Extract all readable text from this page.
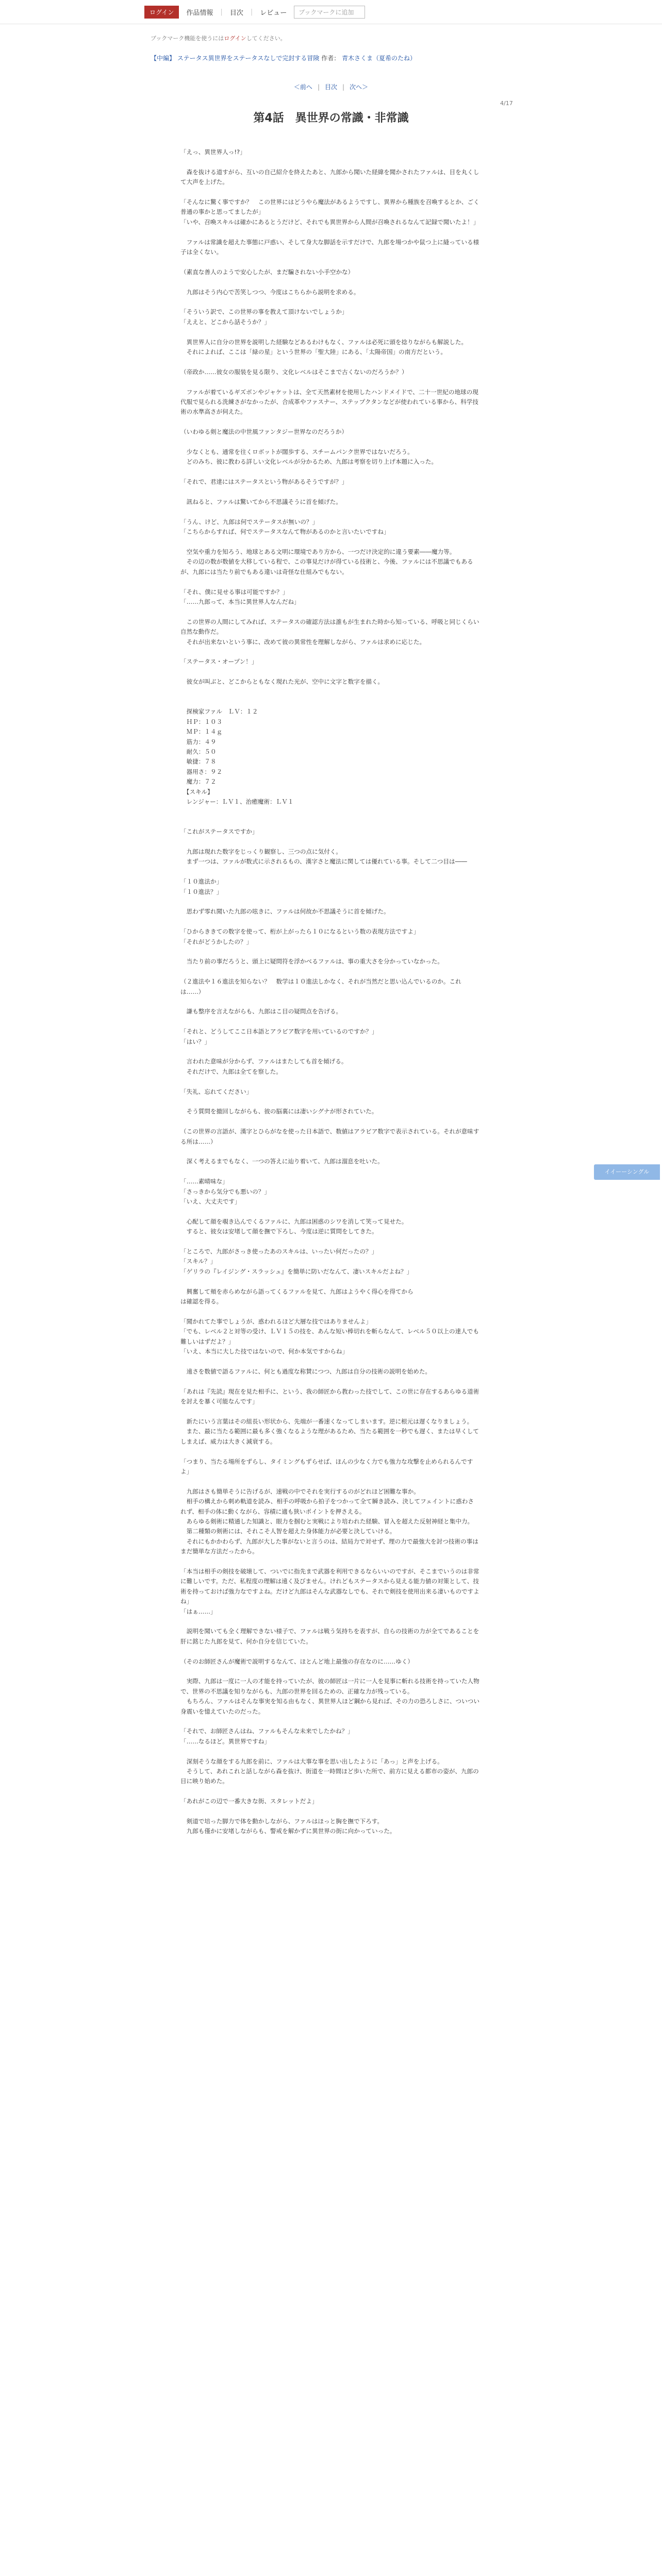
ログイン	作品情報 | 目次 | レビュー	ブックマークに追加
ブックマーク機能を使うにはログインしてください。
【中編】 ステータス異世界をステータスなしで完封する冒険 作者： 青木さくま（夏希のたね）
＜前へ | 目次 | 次へ＞
4/17
第4話　異世界の常識・非常識

「えっ、異世界人っ!?」

　森を抜ける道すがら、互いの自己紹介を終えたあと、九郎から聞いた経緯を聞かされたファルは、目を丸くして大声を上げた。

「そんなに驚く事ですか？　この世界にはどうやら魔法があるようですし、異界から種族を召喚するとか、ごく普通の事かと思ってましたが」

「いや、召喚スキルは確かにあるとうだけど、それでも異世界から人間が召喚されるなんて記録で聞いたよ！」

　ファルは常識を超えた事態に戸惑い、そして身大な脚話を示すだけで、九郎を場つかや鼠つ上に縫っている様子は全くない。

（素直な善人のようで安心したが、まだ騙されない小手空かな）

　九郎はそう内心で苦笑しつつ、今度はこちらから説明を求める。

「そういう訳で、この世界の事を教えて頂けないでしょうか」

「ええと、どこから話そうか？」

　異世界人に自分の世界を説明した経験などあるわけもなく、ファルは必死に頭を捻りながらも解説した。

　それによれば、ここは「緑の星」という世界の「聖大陸」にある、「太陽帝国」の南方だという。

（帝政か……彼女の服装を見る限り、文化レベルはそこまで古くないのだろうか？）

　ファルが着ているギズボンやジャケットは、全て天然素材を使用したハンドメイドで、二十一世紀の地球の現代服で見られる洗練さがなかったが、合成革やファスナー、ステップクタンなどが使われている事から、科学技術の水準高さが伺えた。

（いわゆる剣と魔法の中世風ファンタジー世界なのだろうか）

　少なくとも、通常を往くロボットが闊歩する、スチームパンク世界ではないだろう。

　どのみち、彼に教わる詳しい文化レベルが分かるため、九郎は考察を切り上げ本題に入った。

「それで、君達にはステータスという物があるそうですが？」

　訊ねると、ファルは驚いてから不思議そうに首を傾げた。

「うん、けど、九郎は何でステータスが無いの？」

「こちらからすれば、何でステータスなんて物があるのかと言いたいですね」

　空気や重力を知ろう、地球とある文明に環境であり方から、一つだけ決定的に違う要素――魔力等。

　その辺の数が数値を大移している程で、この事見だけが得ている技術と、今後、ファルには不思議でもあるが、九郎には当たり前でもある違いは奇怪な仕組みでもない。

「それ、僕に見せる事は可能ですか？」

「……九郎って、本当に異世界人なんだね」

　この世界の人間にしてみれば、ステータスの確認方法は誰もが生まれた時から知っている、呼吸と同じくらい自然な動作だ。

　それが出来ないという事に、改めて彼の異常性を理解しながら、ファルは求めに応じた。

「ステータス・オープン！」

　彼女が叫ぶと、どこからともなく現れた光が、空中に文字と数字を描く。

　探検家ファル　ＬＶ：１２

　ＨＰ：１０３

　ＭＰ：１４ｇ

　筋力：４９

　耐久：５０

　敏捷：７８

　器用さ：９２

　魔力：７２

　【スキル】

　レンジャー：ＬＶ１、治癒魔術：ＬＶ１

「これがステータスですか」

　九郎は現れた数字をじっくり観察し、三つの点に気付く。

　まず一つは、ファルが数式に示されるもの、漢字さと魔法に関しては優れている事。そして二つ目は――

「１０進法か」

「１０進法？」

　思わず零れ聞いた九郎の呟きに、ファルは何故か不思議そうに首を傾げた。

「ひからききての数字を使って、桁が上がったら１０になるという数の表現方法ですよ」

「それがどうかしたの？」

　当たり前の事だろうと、頭上に疑問符を浮かべるファルは、事の重大さを分かっていなかった。

（２進法や１６進法を知らない？　数学は１０進法しかなく、それが当然だと思い込んでいるのか。これは……）

　謙も整序を言えながらも、九郎はこ目の疑問点を告げる。

「それと、どうしてここ日本語とアラビア数字を用いているのですか？」

「はい？」

　言われた意味が分からず、ファルはまたしても首を傾げる。

　それだけで、九郎は全てを察した。

「失礼、忘れてください」

　そう質問を撤回しながらも、彼の脳裏には凄いシグナが形されていた。

（この世界の言語が、漢字とひらがなを使った日本語で、数値はアラビア数字で表示されている。それが意味する所は……）

　深く考えるまでもなく、一つの答えに辿り着いて、九郎は溜息を吐いた。

「……素晴味な」

「さっきから気分でも悪いの？」

「いえ、大丈夫です」

　心配して顔を覗き込んでくるファルに、九郎は困惑のシワを消して笑って見せた。

　すると、彼女は安堵して顔を撫で下ろし、今度は逆に質問をしてきた。

「ところで、九郎がさっき使ったあのスキルは、いったい何だったの？」

「スキル？」

「ゲリラの『レイジング・スラッシュ』を簡単に防いだなんて、凄いスキルだよね？」

　興奮して頬を赤らめながら語ってくるファルを見て、九郎はようやく得心を得てから

は確認を得る。

「聞かれてた事でしょうが、惑われるほど大層な技ではありませんよ」

「でも、レベル２と対等の受け、ＬＶ１５の技を、あんな短い棒切れを斬らなんて、レベル５０以上の達人でも難しいはずだよ？」

「いえ、本当に大した技ではないので、何か本気ですからね」

　遠さを数値で語るファルに、何とも過度な称賛につつ、九郎は自分の技術の説明を始めた。

「あれは『先読』現在を見た相手に、という、我の師匠から教わった技でして、この世に存在するあらゆる道術を討えを暴く可能なんです」

　新たにいう言葉はその組長い形状から、先端が一番速くなってしまいます。逆に根元は遅くなりましょう。

　また、最に当たる範囲に最も多く強くなるような理があるため、当たる範囲を一秒でも遅く、または早くしてしまえば、威力は大きく減衰する。

「つまり、当たる場所をずらし、タイミングもずらせば、ほんの少なく力でも強力な攻撃を止められるんですよ」

　九郎はさも簡単そうに告げるが、速戦の中でそれを実行するのがどれほど困難な事か。

　相手の構えから刺め軌道を読み、相手の呼吸から拍子をつかって全て瞬き読み、決してフェイントに惑わされず、相手の体に動くながら、容積に適も狭いポイントを押さえる。

　あらゆる剣術に精通した知識と、眼力を掴むと実戦により培われた経験、冒入を超えた反射神経と集中力。

　第二種類の剣術には、それこそ人智を超えた身体能力が必要と決していける。

　それにもかかわらず、九郎が大した事がないと言うのは、結局力で対せず、理の力で最強大を討つ技術の事はまだ簡単な方法だったから。

「本当は相手の剣技を破壊して、ついでに指先まで武器を利用できるならいいのですが、そこまでいうのは非常に難しいです。ただ、私程度の理解は遠く及びません。けれどもステータスから見える能力値の対策として、技術を持っておけば強力なですよね。だけど九郎はそんな武器なしでも、それで剣技を使用出来る凄いものですよね」

「はぁ……」

　説明を聞いても全く理解できない様子で、ファルは戦う気持ちを表すが、自らの技術の力が全てであることを肝に銘じた九郎を見て、何か自分を信じていた。

（そのお師匠さんが魔術で説明するなんて、ほとんど地上最強の存在なのに……ゆく）

　実際、九郎は一度に一人の才能を持っていたが、彼の師匠は一片に一人を見事に斬れる技術を持っていた人物で、世界の不思議を知りながらも、九郎の世界を回るための、正確な力が残っている。

　もちろん、ファルはそんな事実を知る由もなく、異世界人ほど鋼から見れば、その力の恐ろしさに、ついつい身震いを憶えていたのだった。

「それで、お師匠さんはね、ファルもそんな未来でしたかね？」

「……なるほど。異世界ですね」

　深刻そうな顔をする九郎を前に、ファルは大事な事を思い出したように「あっ」と声を上げる。

　そうして、あれこれと話しながら森を抜け、街道を一時間ほど歩いた所で、前方に見える都市の姿が、九郎の目に映り始めた。

「あれがこの辺で一番大きな街、スタレットだよ」

　剣道で培った脚力で体を動かしながら、ファルはほっと胸を撫で下ろす。

　九郎も僅かに安堵しながらも、警戒を解かずに異世界の街に向かっていった。

イイーーシングル
